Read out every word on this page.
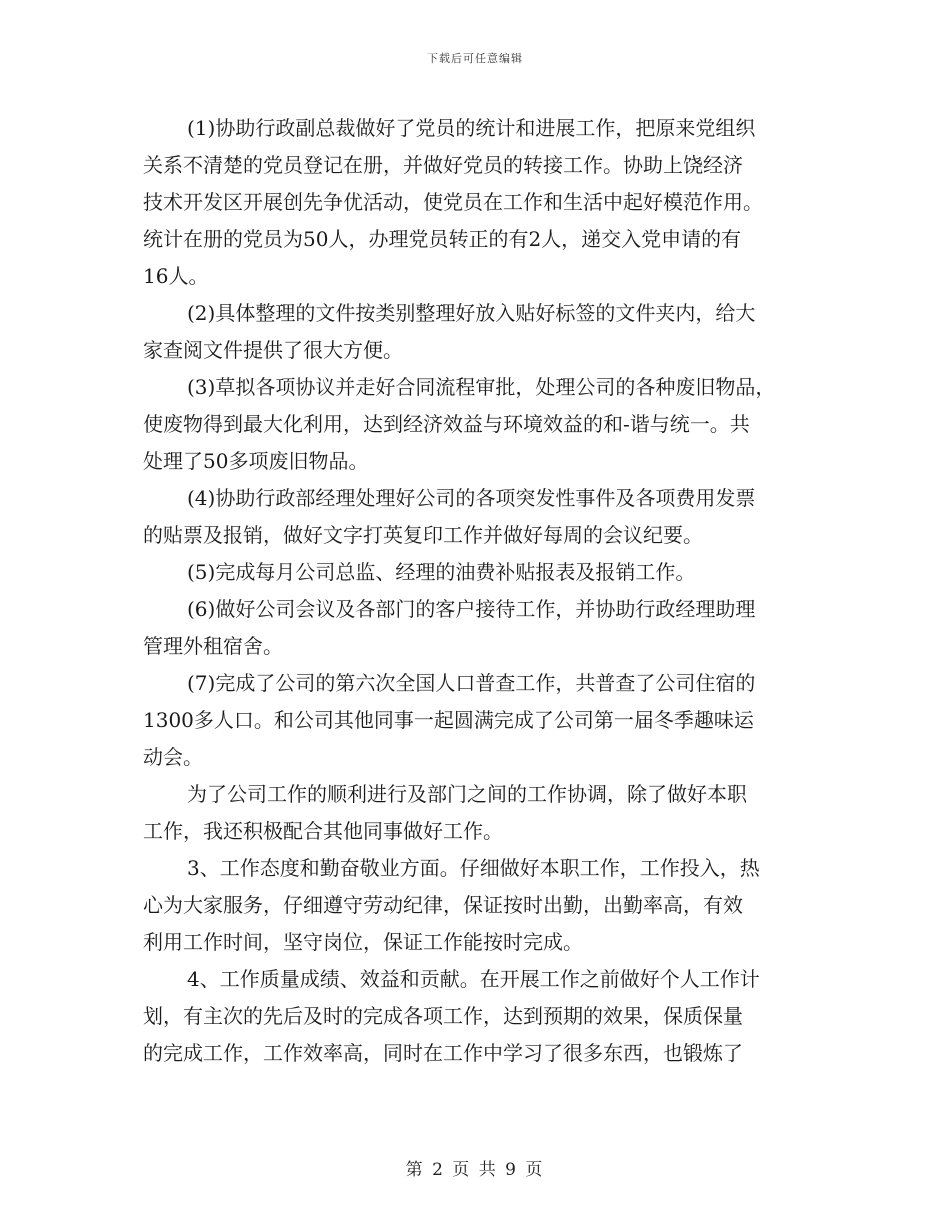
下载后可任意编辑
(1)协助行政副总裁做好了党员的统计和进展工作，把原来党组织
关系不清楚的党员登记在册，并做好党员的转接工作。协助上饶经济
技术开发区开展创先争优活动，使党员在工作和生活中起好模范作用。
统计在册的党员为50人，办理党员转正的有2人，递交入党申请的有
16人。
(2)具体整理的文件按类别整理好放入贴好标签的文件夹内，给大
家查阅文件提供了很大方便。
(3)草拟各项协议并走好合同流程审批，处理公司的各种废旧物品，
使废物得到最大化利用，达到经济效益与环境效益的和-谐与统一。共
处理了50多项废旧物品。
(4)协助行政部经理处理好公司的各项突发性事件及各项费用发票
的贴票及报销，做好文字打英复印工作并做好每周的会议纪要。
(5)完成每月公司总监、经理的油费补贴报表及报销工作。
(6)做好公司会议及各部门的客户接待工作，并协助行政经理助理
管理外租宿舍。
(7)完成了公司的第六次全国人口普查工作，共普查了公司住宿的
1300多人口。和公司其他同事一起圆满完成了公司第一届冬季趣味运
动会。
为了公司工作的顺利进行及部门之间的工作协调，除了做好本职
工作，我还积极配合其他同事做好工作。
3、工作态度和勤奋敬业方面。仔细做好本职工作，工作投入，热
心为大家服务，仔细遵守劳动纪律，保证按时出勤，出勤率高，有效
利用工作时间，坚守岗位，保证工作能按时完成。
4、工作质量成绩、效益和贡献。在开展工作之前做好个人工作计
划，有主次的先后及时的完成各项工作，达到预期的效果，保质保量
的完成工作，工作效率高，同时在工作中学习了很多东西，也锻炼了
第 2 页 共 9 页
